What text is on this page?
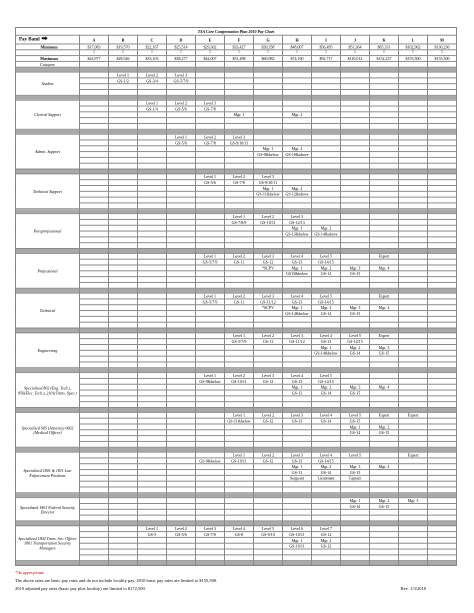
TSA Core Compensation Plan 2010 Pay Chart													
Pay Band ➡	A	B	C	D	E	F	G	H	I	J	K	L	M
Minimum	$17,083	$19,570	$22,167	$25,514	$29,302	$33,427	$39,358	$48,007	$56,495	$51,364	$65,331	$102,962	$130,236
	↕	↕	↕	↕	↕	↕	↕	↕	↕	↕	↕	↕	↕
Maximum	$24,977	$28,546	$33,103	$38,277	$44,007	$51,498	$60,982	$74,190	$92,717	$110,012	$152,237	$155,500	$155,500
Category													

Student		Level 1	Level 2	Level 3									
		GS-1/2	GS-3/4	GS-5/7/9									

Clerical Support			Level 1	Level 2	Level 3								
			GS-1/4	GS-5/6	GS-7/8								
						Mgr. 1		Mgr. 2					

Admin. Support				Level 1	Level 2	Level 3							
				GS-5/6	GS-7/8	GS-9/10/11							
							Mgr. 1	Mgr. 2					
							GS-9&below	GS-10&above					

Technical Support					Level 1	Level 2	Level 3						
					GS-5/6	GS-7/8	GS-9/10/11						
							Mgr. 1	Mgr. 2					
							GS-11&below	GS-12&above					

Paraprofessional						Level 1	Level 2	Level 3					
						GS-7/8/9	GS-10/11	GS-12/13					
								Mgr. 1	Mgr. 2				
								GS-13&below	GS-14&above				

Professional					Level 1	Level 2	Level 3	Level 4	Level 5		Expert		
					GS-5/7/9	GS-11	GS-12	GS-13	GS-14/15				
							*SCPV	Mgr. 1	Mgr. 2	Mgr. 3	Mgr. 4		
								GS13&below	GS-14	GS-15			

Technical					Level 1	Level 2	Level 3	Level 4	Level 5		Expert		
					GS-5/7/9	GS-11	GS-11/12	GS-13	GS-14/15				
							*SCPV	Mgr. 1	Mgr. 2	Mgr. 3	Mgr. 4		
								GS-14&below	GS-14	GS-15			

Engineering						Level 1	Level 2	Level 3	Level 4	Level 5	Expert		
						GS-5/7/9	GS-11	GS-11/12	GS-13	GS-14/15			
									Mgr. 1	Mgr. 2	Mgr. 3		
									GS-14&below	GS-14	GS-15		

Specialized 802 (Eng. Tech.), 856(Elec. Tech.), 2101(Trans. Spec.)					Level 1	Level 2	Level 3	Level 4	Level 5				
					GS-9&below	GS-10/11	GS-12	GS-13	GS-14/15				
								Mgr. 1	Mgr. 2	Mgr. 3	Mgr. 4		
								GS-13	GS-14	GS-15			

Specialized 905 (Attorney) 0602 (Medical Officer)						Level 1	Level 2	Level 3	Level 4	Level 5	Expert	Expert	
						GS-11&below	GS-12	GS-13	GS-14	GS-15			
										Mgr. 1	Mgr. 2		
										GS-14	GS-15		

Specialized 1801 & 1811 Law Enforcement Positions						Level 1	Level 2	Level 3	Level 4	Level 5		Expert	
					GS-9&below	GS-10/11	GS-12	GS-13	GS-14/15				
								Mgr. 1	Mgr. 2	Mgr. 3	Mgr. 4		
								GS-13	GS-14	GS-15			
								Sergeant	Lieutenant	Captain			

Specialized 1801 Federal Security Director										Mgr. 1	Mgr. 2	Mgr. 3	
										GS-14	GS-15		

Specialized 1802 Trans. Sec. Officer 1801 Transportation Security Managers			Level 1	Level 2	Level 3	Level 4	Level 5	Level 6	Level 7				
			GS-5	GS-5/6	GS-7/8	GS-8	GS-9/10	GS-10/11	GS-12				
								Mgr. 1	Mgr. 2				
								GS-10/11	GS-12				

*As appropriate
The above rates are basic pay rates and do not include locality pay. 2010 basic pay rates are limited to $155,500.
2010 adjusted pay rates (basic pay plus locality) are limited to $172,500.	Rev. 1/3/2010
